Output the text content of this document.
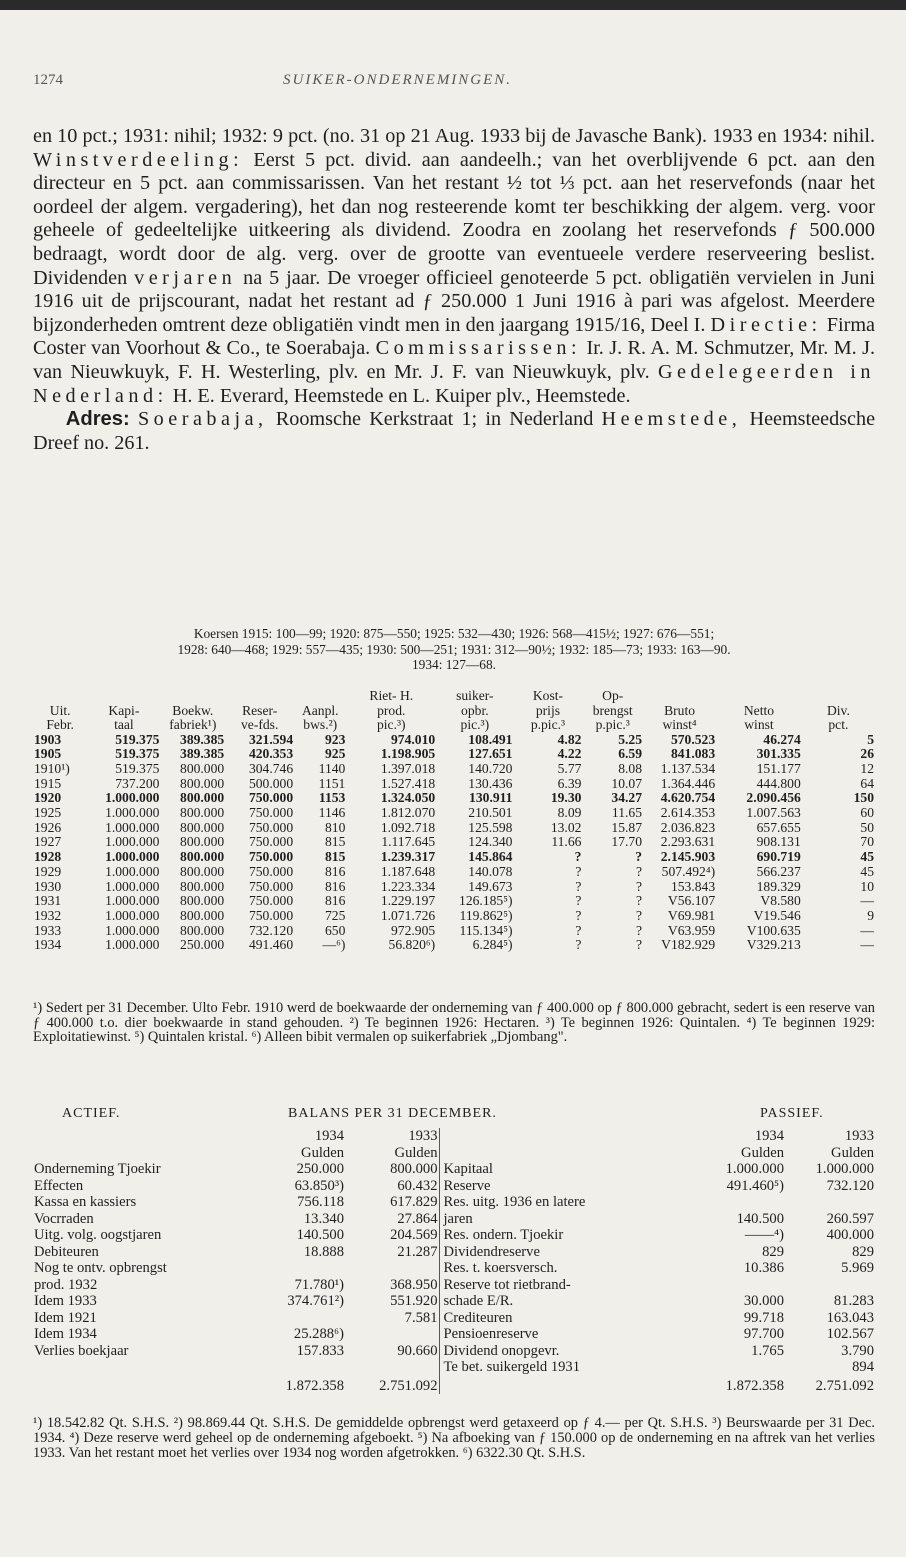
1274	SUIKER-ONDERNEMINGEN.

en 10 pct.; 1931: nihil; 1932: 9 pct. (no. 31 op 21 Aug. 1933 bij de Javasche Bank). 1933 en 1934: nihil. Winstverdeeling: Eerst 5 pct. divid. aan aandeelh.; van het overblijvende 6 pct. aan den directeur en 5 pct. aan commissarissen. Van het restant ½ tot ⅓ pct. aan het reservefonds (naar het oordeel der algem. vergadering), het dan nog resteerende komt ter beschikking der algem. verg. voor geheele of gedeeltelijke uitkeering als dividend. Zoodra en zoolang het reservefonds ƒ 500.000 bedraagt, wordt door de alg. verg. over de grootte van eventueele verdere reserveering beslist. Dividenden verjaren na 5 jaar. De vroeger officieel genoteerde 5 pct. obligatiën vervielen in Juni 1916 uit de prijscourant, nadat het restant ad ƒ 250.000 1 Juni 1916 à pari was afgelost. Meerdere bijzonderheden omtrent deze obligatiën vindt men in den jaargang 1915/16, Deel I. Directie: Firma Coster van Voorhout & Co., te Soerabaja. Commissarissen: Ir. J. R. A. M. Schmutzer, Mr. M. J. van Nieuwkuyk, F. H. Westerling, plv. en Mr. J. F. van Nieuwkuyk, plv. Gedelegeerden in Nederland: H. E. Everard, Heemstede en L. Kuiper plv., Heemstede.

Adres: Soerabaja, Roomsche Kerkstraat 1; in Nederland Heemstede, Heemsteedsche Dreef no. 261.

Koersen 1915: 100—99; 1920: 875—550; 1925: 532—430; 1926: 568—415½; 1927: 676—551;
1928: 640—468; 1929: 557—435; 1930: 500—251; 1931: 312—90½; 1932: 185—73; 1933: 163—90.
1934: 127—68.
					Riet- H.	suiker-	Kost-	Op-			
Uit.	Kapi-	Boekw.	Reser-	Aanpl.	prod.	opbr.	prijs	brengst	Bruto	Netto	Div.
Febr.	taal	fabriek¹)	ve-fds.	bws.²)	pic.³)	pic.³)	p.pic.³	p.pic.³	winst⁴	winst	pct.
1903	519.375	389.385	321.594	923	974.010	108.491	4.82	5.25	570.523	46.274	5
1905	519.375	389.385	420.353	925	1.198.905	127.651	4.22	6.59	841.083	301.335	26
1910¹)	519.375	800.000	304.746	1140	1.397.018	140.720	5.77	8.08	1.137.534	151.177	12
1915	737.200	800.000	500.000	1151	1.527.418	130.436	6.39	10.07	1.364.446	444.800	64
1920	1.000.000	800.000	750.000	1153	1.324.050	130.911	19.30	34.27	4.620.754	2.090.456	150
1925	1.000.000	800.000	750.000	1146	1.812.070	210.501	8.09	11.65	2.614.353	1.007.563	60
1926	1.000.000	800.000	750.000	810	1.092.718	125.598	13.02	15.87	2.036.823	657.655	50
1927	1.000.000	800.000	750.000	815	1.117.645	124.340	11.66	17.70	2.293.631	908.131	70
1928	1.000.000	800.000	750.000	815	1.239.317	145.864	?	?	2.145.903	690.719	45
1929	1.000.000	800.000	750.000	816	1.187.648	140.078	?	?	507.492⁴)	566.237	45
1930	1.000.000	800.000	750.000	816	1.223.334	149.673	?	?	153.843	189.329	10
1931	1.000.000	800.000	750.000	816	1.229.197	126.185⁵)	?	?	V56.107	V8.580	—
1932	1.000.000	800.000	750.000	725	1.071.726	119.862⁵)	?	?	V69.981	V19.546	9
1933	1.000.000	800.000	732.120	650	972.905	115.134⁵)	?	?	V63.959	V100.635	—
1934	1.000.000	250.000	491.460	—⁶)	56.820⁶)	6.284⁵)	?	?	V182.929	V329.213	—

¹) Sedert per 31 December. Ulto Febr. 1910 werd de boekwaarde der onderneming van ƒ 400.000 op ƒ 800.000 gebracht, sedert is een reserve van ƒ 400.000 t.o. dier boekwaarde in stand gehouden. ²) Te beginnen 1926: Hectaren. ³) Te beginnen 1926: Quintalen. ⁴) Te beginnen 1929: Exploitatiewinst. ⁵) Quintalen kristal. ⁶) Alleen bibit vermalen op suikerfabriek „Djombang".

ACTIEF.	BALANS PER 31 DECEMBER.	PASSIEF.
	1934	1933		1934	1933
	Gulden	Gulden		Gulden	Gulden
Onderneming Tjoekir	250.000	800.000	Kapitaal	1.000.000	1.000.000
Effecten	63.850³)	60.432	Reserve	491.460⁵)	732.120
Kassa en kassiers	756.118	617.829	Res. uitg. 1936 en latere		
Vocrraden	13.340	27.864	jaren	140.500	260.597
Uitg. volg. oogstjaren	140.500	204.569	Res. ondern. Tjoekir	——⁴)	400.000
Debiteuren	18.888	21.287	Dividendreserve	829	829
Nog te ontv. opbrengst			Res. t. koersversch.	10.386	5.969
prod. 1932	71.780¹)	368.950	Reserve tot rietbrand-		
Idem 1933	374.761²)	551.920	schade E/R.	30.000	81.283
Idem 1921		7.581	Crediteuren	99.718	163.043
Idem 1934	25.288⁶)		Pensioenreserve	97.700	102.567
Verlies boekjaar	157.833	90.660	Dividend onopgevr.	1.765	3.790
			Te bet. suikergeld 1931		894
	1.872.358	2.751.092		1.872.358	2.751.092

¹) 18.542.82 Qt. S.H.S. ²) 98.869.44 Qt. S.H.S. De gemiddelde opbrengst werd getaxeerd op ƒ 4.— per Qt. S.H.S. ³) Beurswaarde per 31 Dec. 1934. ⁴) Deze reserve werd geheel op de onderneming afgeboekt. ⁵) Na afboeking van ƒ 150.000 op de onderneming en na aftrek van het verlies 1933. Van het restant moet het verlies over 1934 nog worden afgetrokken. ⁶) 6322.30 Qt. S.H.S.
